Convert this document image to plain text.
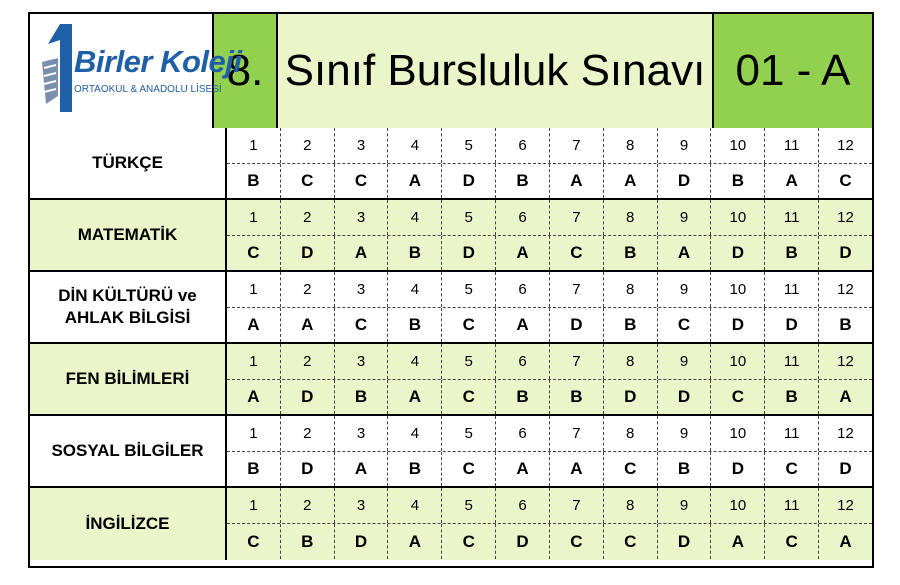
Birler Koleji
ORTAOKUL & ANADOLU LİSESİ 8. Sınıf Bursluluk Sınavı 01 - A
TÜRKÇE
1	2	3	4	5	6	7	8	9	10	11	12
B	C	C	A	D	B	A	A	D	B	A	C
MATEMATİK
1	2	3	4	5	6	7	8	9	10	11	12
C	D	A	B	D	A	C	B	A	D	B	D
DİN KÜLTÜRÜ ve AHLAK BİLGİSİ
1	2	3	4	5	6	7	8	9	10	11	12
A	A	C	B	C	A	D	B	C	D	D	B
FEN BİLİMLERİ
1	2	3	4	5	6	7	8	9	10	11	12
A	D	B	A	C	B	B	D	D	C	B	A
SOSYAL BİLGİLER
1	2	3	4	5	6	7	8	9	10	11	12
B	D	A	B	C	A	A	C	B	D	C	D
İNGİLİZCE
1	2	3	4	5	6	7	8	9	10	11	12
C	B	D	A	C	D	C	C	D	A	C	A
